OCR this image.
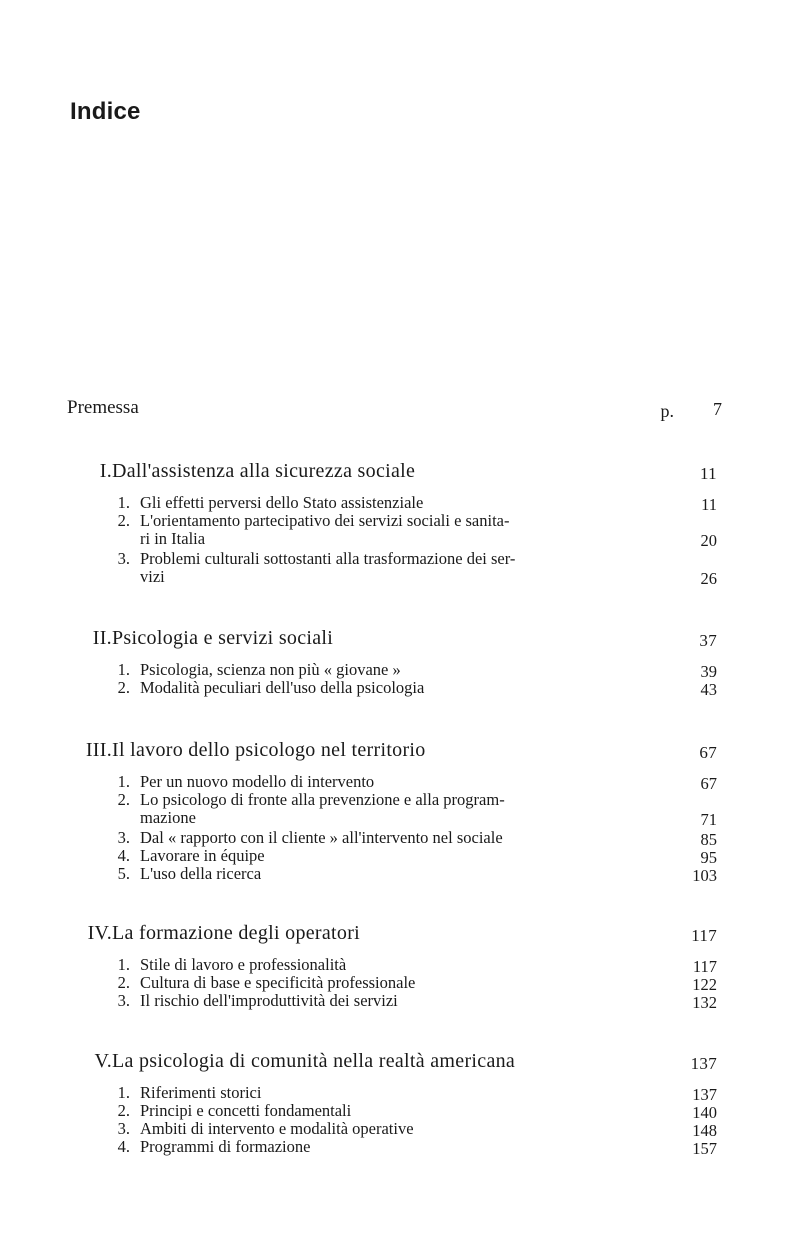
Indice
Premessa	p. 7
I. Dall'assistenza alla sicurezza sociale	11
1. Gli effetti perversi dello Stato assistenziale	11
2. L'orientamento partecipativo dei servizi sociali e sanita-
ri in Italia	20
3. Problemi culturali sottostanti alla trasformazione dei ser-
vizi	26
II. Psicologia e servizi sociali	37
1. Psicologia, scienza non più « giovane »	39
2. Modalità peculiari dell'uso della psicologia	43
III. Il lavoro dello psicologo nel territorio	67
1. Per un nuovo modello di intervento	67
2. Lo psicologo di fronte alla prevenzione e alla program-
mazione	71
3. Dal « rapporto con il cliente » all'intervento nel sociale	85
4. Lavorare in équipe	95
5. L'uso della ricerca	103
IV. La formazione degli operatori	117
1. Stile di lavoro e professionalità	117
2. Cultura di base e specificità professionale	122
3. Il rischio dell'improduttività dei servizi	132
V. La psicologia di comunità nella realtà americana	137
1. Riferimenti storici	137
2. Principi e concetti fondamentali	140
3. Ambiti di intervento e modalità operative	148
4. Programmi di formazione	157
